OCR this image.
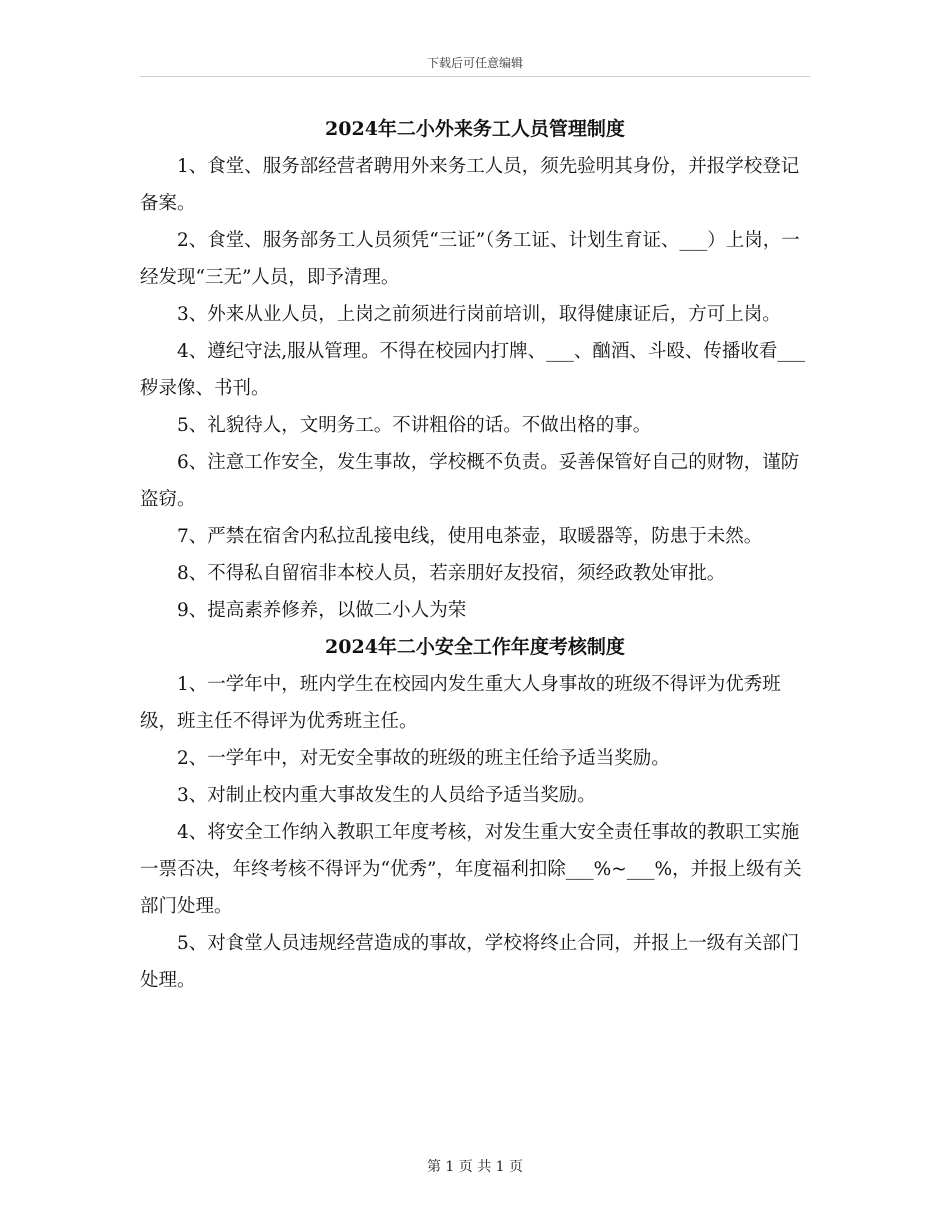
下载后可任意编辑
2024年二小外来务工人员管理制度

1、食堂、服务部经营者聘用外来务工人员，须先验明其身份，并报学校登记备案。

2、食堂、服务部务工人员须凭“三证”（务工证、计划生育证、___）上岗，一经发现“三无”人员，即予清理。

3、外来从业人员，上岗之前须进行岗前培训，取得健康证后，方可上岗。

4、遵纪守法,服从管理。不得在校园内打牌、___、酗酒、斗殴、传播收看___秽录像、书刊。

5、礼貌待人，文明务工。不讲粗俗的话。不做出格的事。

6、注意工作安全，发生事故，学校概不负责。妥善保管好自己的财物，谨防盗窃。

7、严禁在宿舍内私拉乱接电线，使用电茶壶，取暖器等，防患于未然。

8、不得私自留宿非本校人员，若亲朋好友投宿，须经政教处审批。

9、提高素养修养，以做二小人为荣

2024年二小安全工作年度考核制度

1、一学年中，班内学生在校园内发生重大人身事故的班级不得评为优秀班级，班主任不得评为优秀班主任。

2、一学年中，对无安全事故的班级的班主任给予适当奖励。

3、对制止校内重大事故发生的人员给予适当奖励。

4、将安全工作纳入教职工年度考核，对发生重大安全责任事故的教职工实施一票否决，年终考核不得评为“优秀”，年度福利扣除___%~___%，并报上级有关部门处理。

5、对食堂人员违规经营造成的事故，学校将终止合同，并报上一级有关部门处理。

第 1 页 共 1 页
